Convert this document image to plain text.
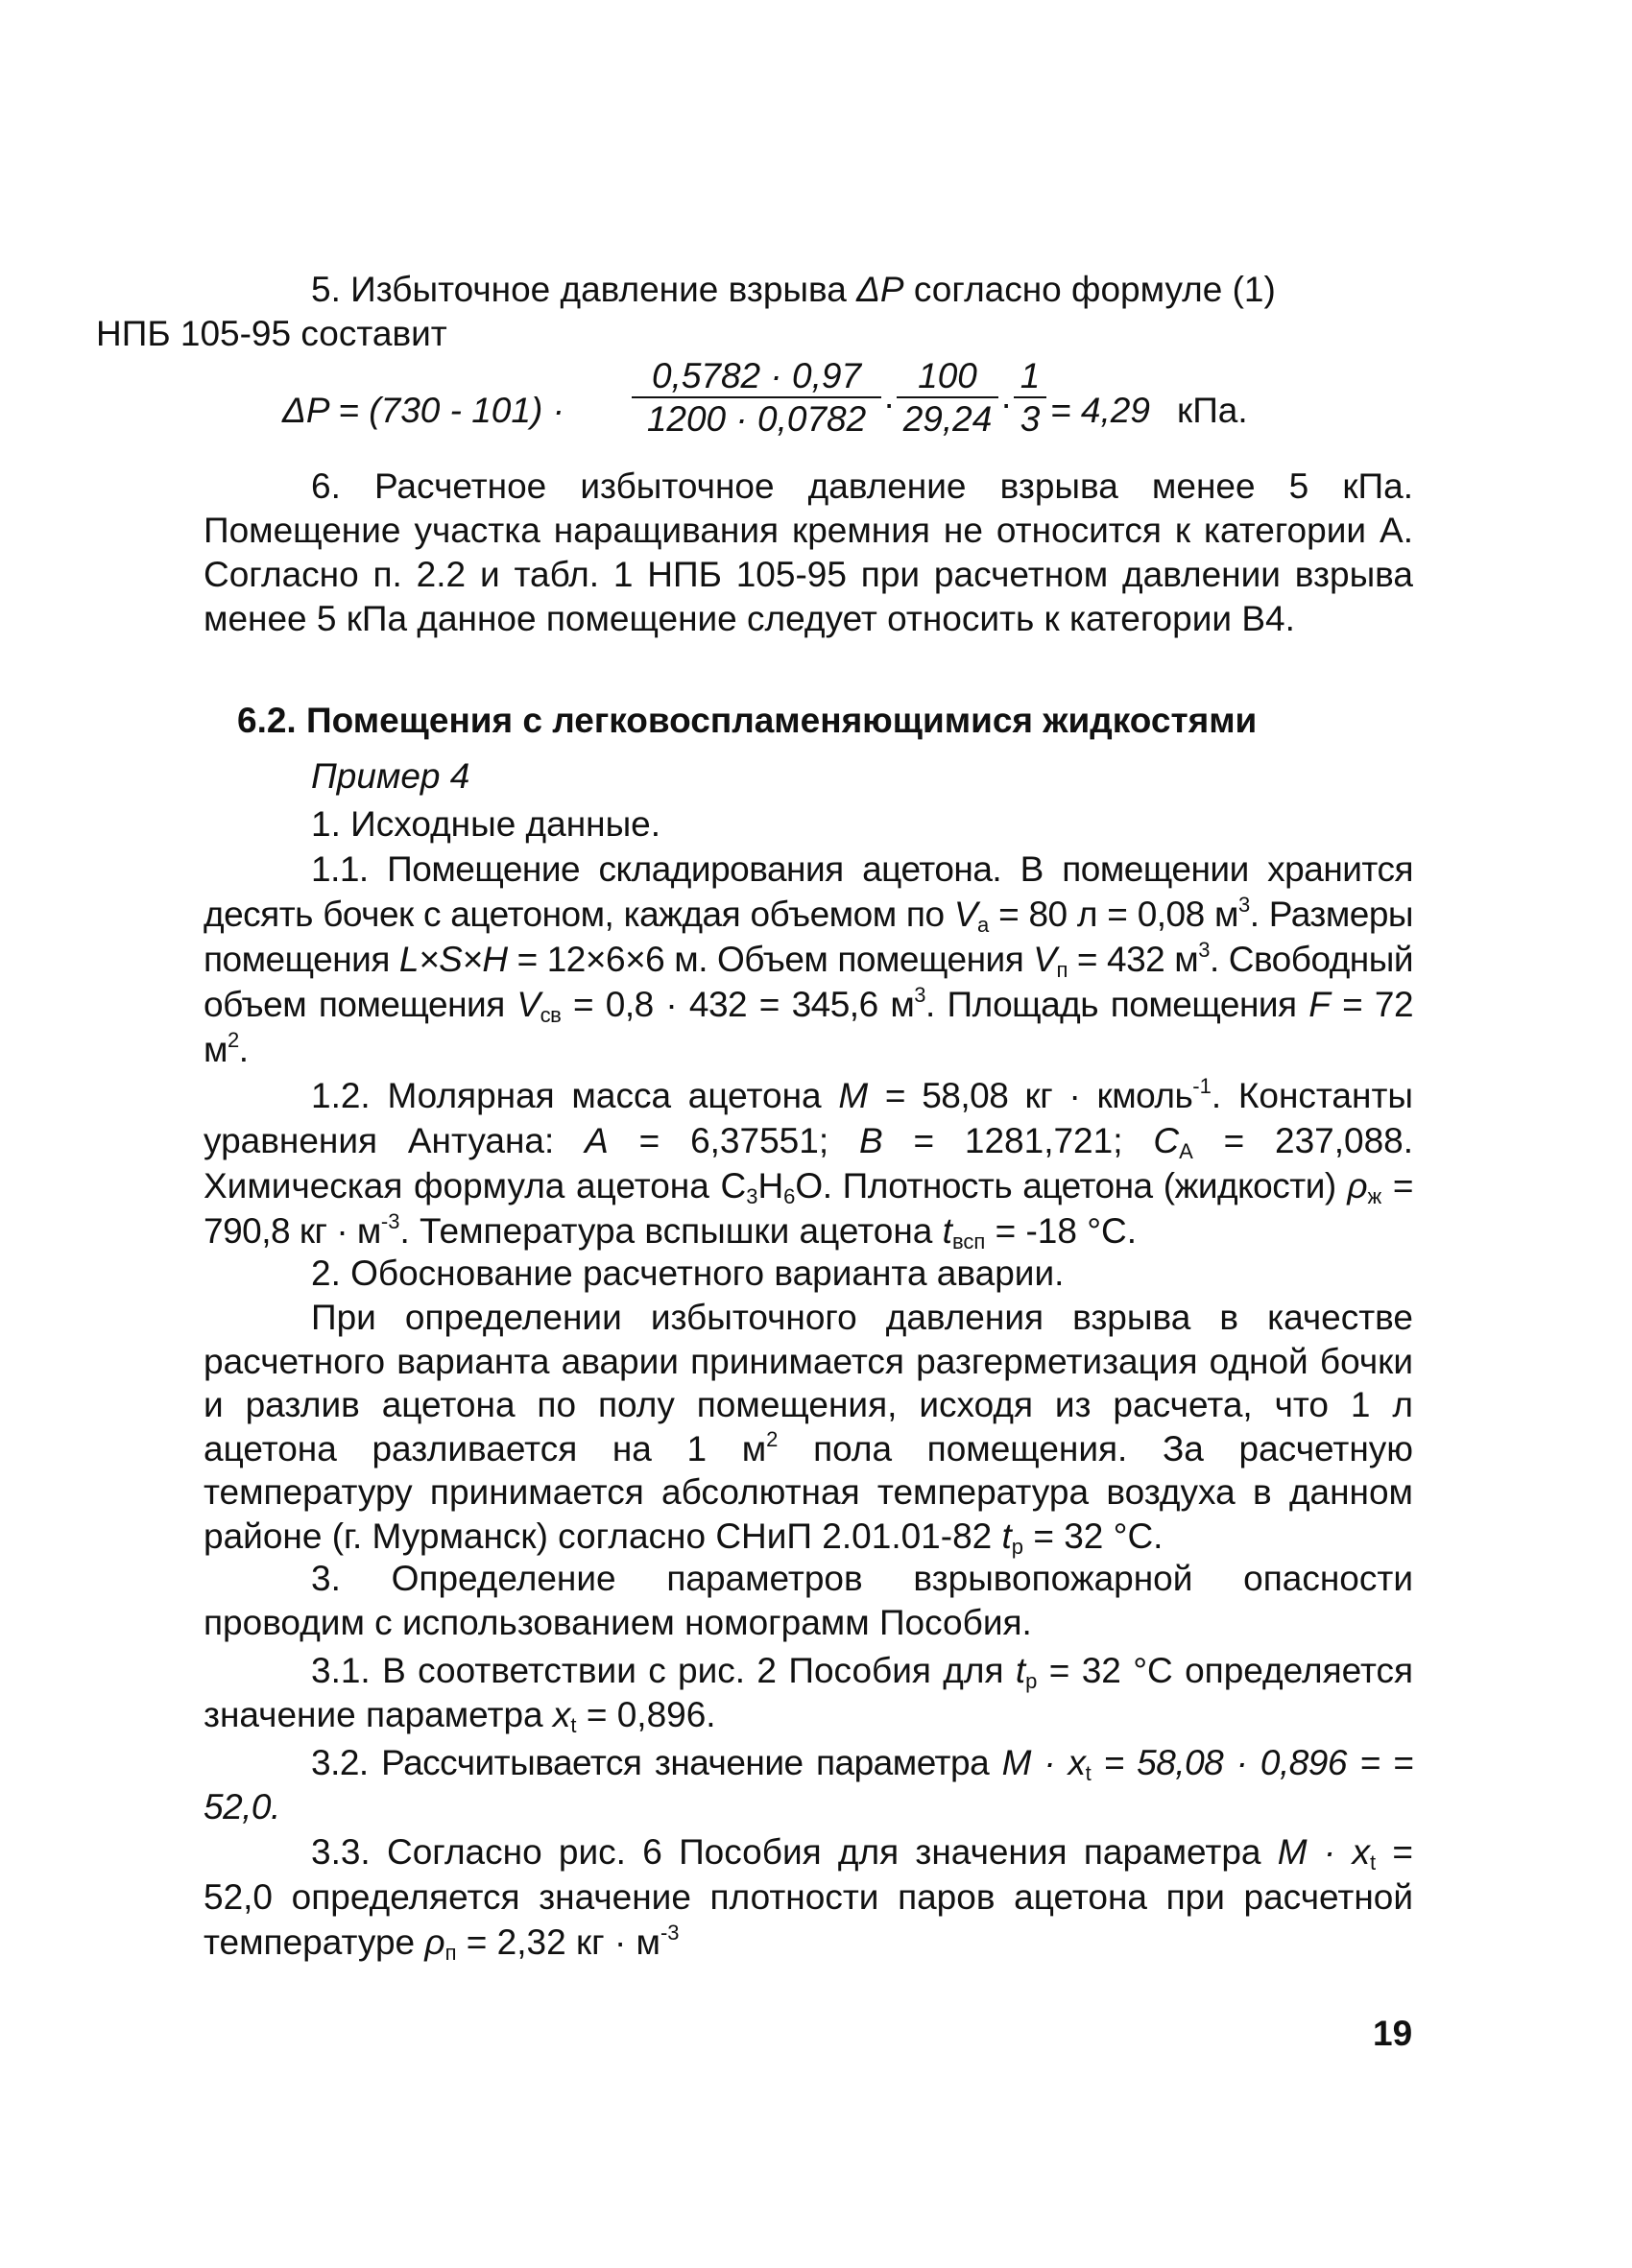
5. Избыточное давление взрыва ΔP согласно формуле (1)
НПБ 105-95 составит
$\Delta P = (730 - 101) \cdot \frac{0,5782 \cdot 0,97}{1200 \cdot 0,0782} \cdot \frac{100}{29,24} \cdot \frac{1}{3} = 4,29$ кПа.
6. Расчетное избыточное давление взрыва менее 5 кПа. Помещение участка наращивания кремния не относится к категории А. Согласно п. 2.2 и табл. 1 НПБ 105-95 при расчетном давлении взрыва менее 5 кПа данное помещение следует относить к категории В4.
6.2. Помещения с легковоспламеняющимися жидкостями
Пример 4
1. Исходные данные.
1.1. Помещение складирования ацетона. В помещении хранится десять бочек с ацетоном, каждая объемом по $V_а = 80$ л = 0,08 $м^3$. Размеры помещения L×S×H = 12×6×6 м. Объем помещения $V_п = 432$ $м^3$. Свободный объем помещения $V_{св} = 0,8 \cdot 432 = 345,6$ $м^3$. Площадь помещения F = 72 $м^2$.
1.2. Молярная масса ацетона M = 58,08 кг · кмоль$^{-1}$. Константы уравнения Антуана: A = 6,37551; B = 1281,721; $C_A = 237,088$. Химическая формула ацетона $C_3H_6O$. Плотность ацетона (жидкости) $\rho_ж = 790,8$ кг · $м^{-3}$. Температура вспышки ацетона $t_{всп} = -18$ °С.
2. Обоснование расчетного варианта аварии.
При определении избыточного давления взрыва в качестве расчетного варианта аварии принимается разгерметизация одной бочки и разлив ацетона по полу помещения, исходя из расчета, что 1 л ацетона разливается на 1 $м^2$ пола помещения. За расчетную температуру принимается абсолютная температура воздуха в данном районе (г. Мурманск) согласно СНиП 2.01.01-82 $t_р = 32$ °С.
3. Определение параметров взрывопожарной опасности проводим с использованием номограмм Пособия.
3.1. В соответствии с рис. 2 Пособия для $t_р = 32$ °С определяется значение параметра $x_t = 0,896$.
3.2. Рассчитывается значение параметра $M \cdot x_t = 58,08 \cdot 0,896$ = = 52,0.
3.3. Согласно рис. 6 Пособия для значения параметра $M \cdot x_t = 52,0$ определяется значение плотности паров ацетона при расчетной температуре $\rho_п = 2,32$ кг · $м^{-3}$
19
